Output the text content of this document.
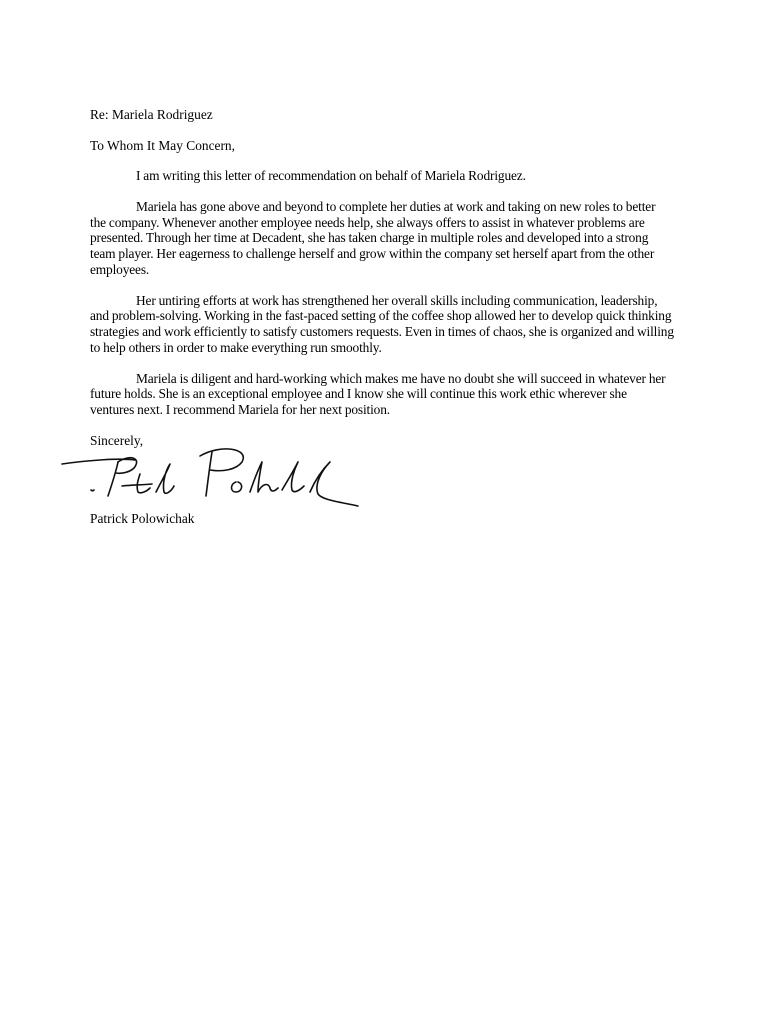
Re: Mariela Rodriguez

To Whom It May Concern,

I am writing this letter of recommendation on behalf of Mariela Rodriguez.

Mariela has gone above and beyond to complete her duties at work and taking on new roles to better the company. Whenever another employee needs help, she always offers to assist in whatever problems are presented. Through her time at Decadent, she has taken charge in multiple roles and developed into a strong team player. Her eagerness to challenge herself and grow within the company set herself apart from the other employees.

Her untiring efforts at work has strengthened her overall skills including communication, leadership, and problem-solving. Working in the fast-paced setting of the coffee shop allowed her to develop quick thinking strategies and work efficiently to satisfy customers requests. Even in times of chaos, she is organized and willing to help others in order to make everything run smoothly.

Mariela is diligent and hard-working which makes me have no doubt she will succeed in whatever her future holds. She is an exceptional employee and I know she will continue this work ethic wherever she ventures next. I recommend Mariela for her next position.

Sincerely,

Patrick Polowichak
